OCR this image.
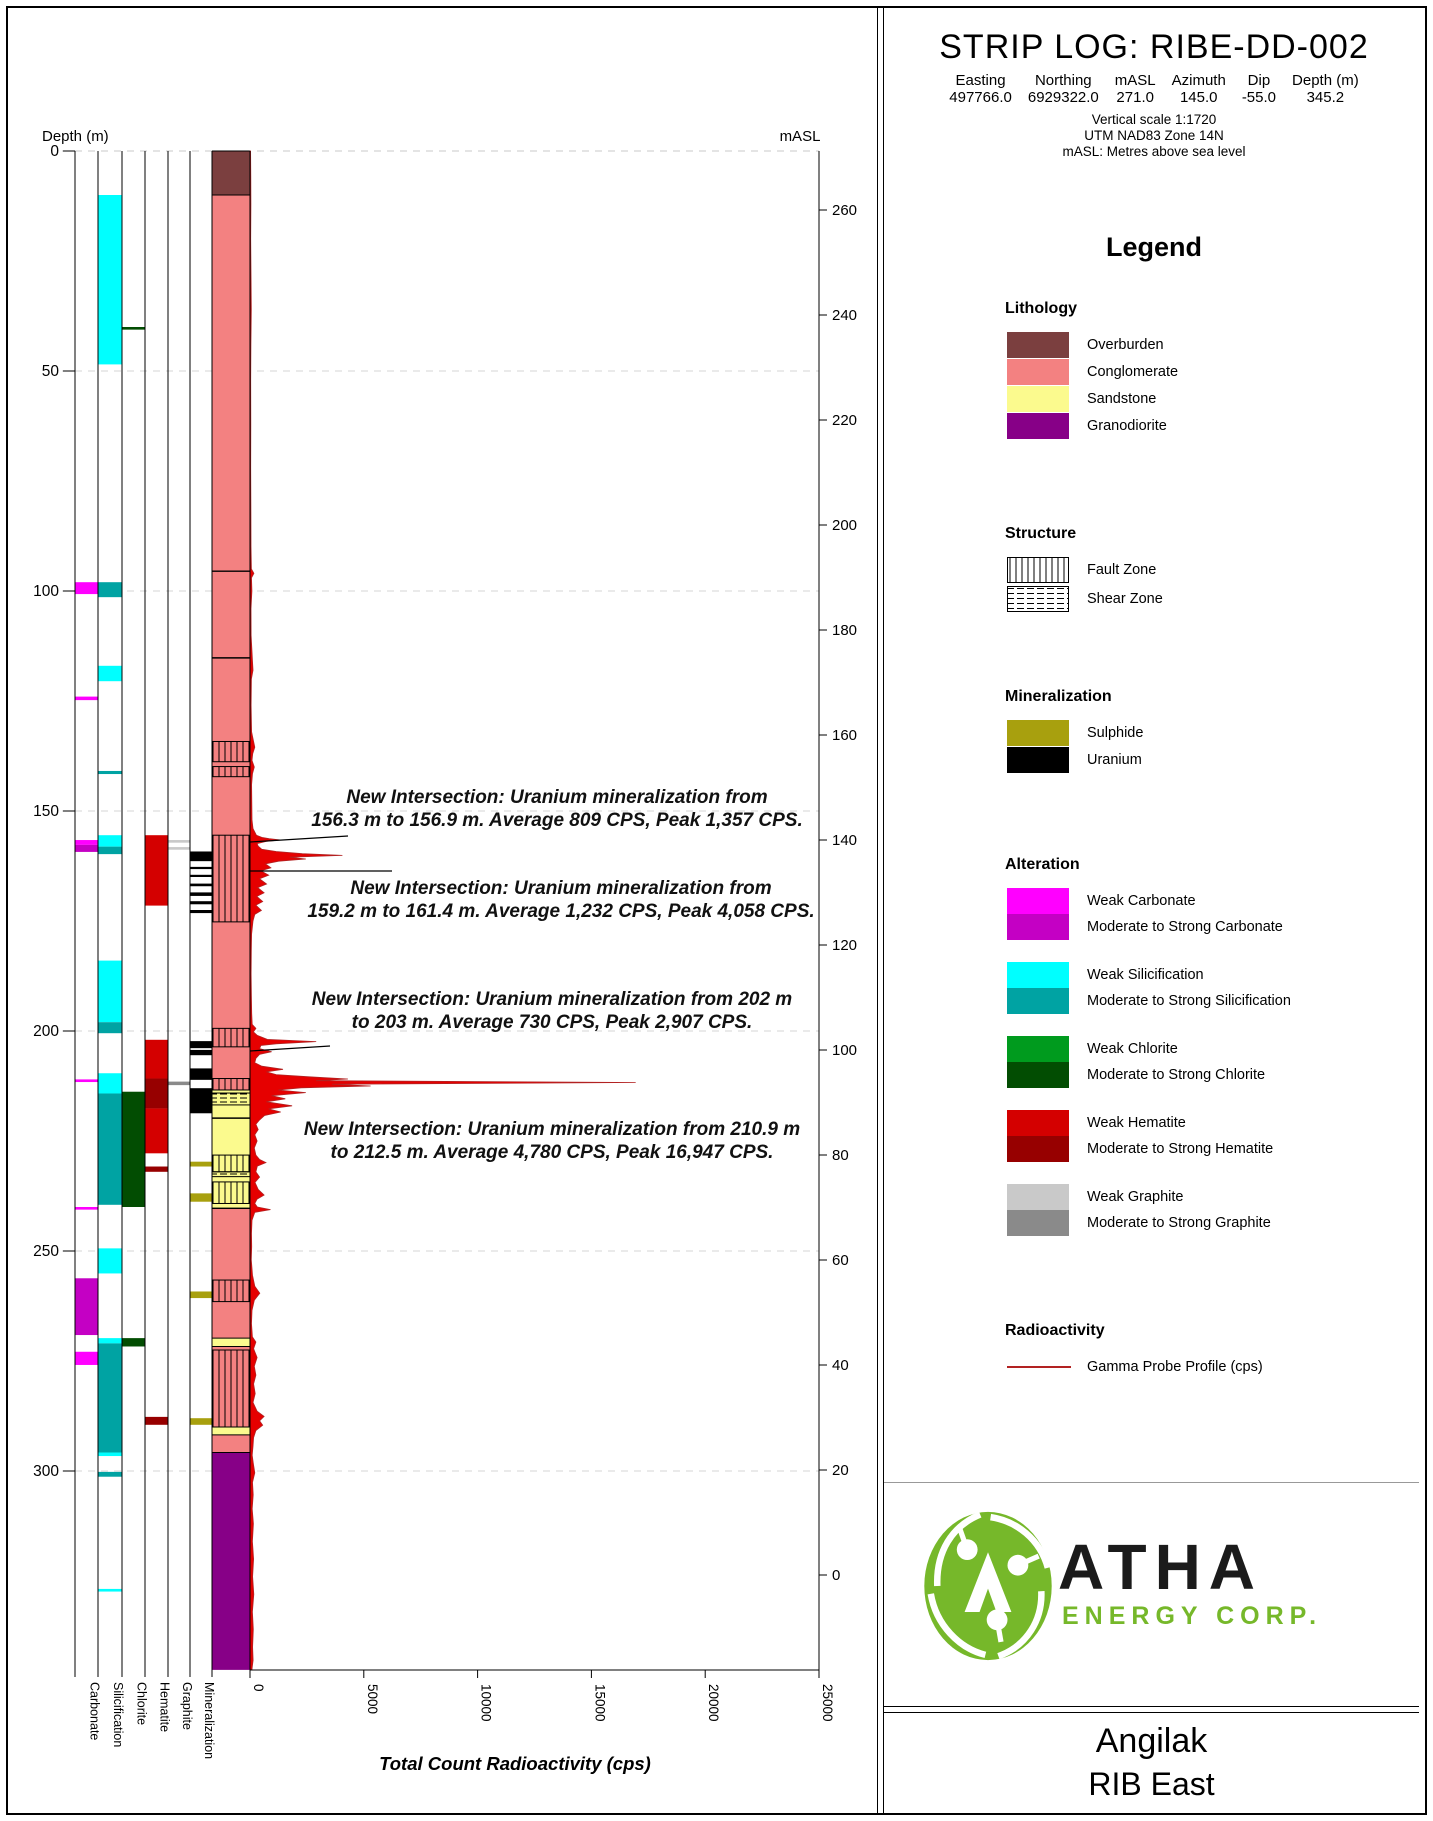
Depth (m)
0
50
100
150
200
250
300
mASL
260
240
220
200
180
160
140
120
100
80
60
40
20
0
0	5000	10000	15000	20000	25000
Total Count Radioactivity (cps)
Carbonate Silicification Chlorite Hematite Graphite Mineralization
New Intersection: Uranium mineralization from
156.3 m to 156.9 m. Average 809 CPS, Peak 1,357 CPS.
New Intersection: Uranium mineralization from
159.2 m to 161.4 m. Average 1,232 CPS, Peak 4,058 CPS.
New Intersection: Uranium mineralization from 202 m
to 203 m. Average 730 CPS, Peak 2,907 CPS.
New Intersection: Uranium mineralization from 210.9 m
to 212.5 m. Average 4,780 CPS, Peak 16,947 CPS.
STRIP LOG: RIBE-DD-002
Easting
497766.0
Northing
6929322.0
mASL
271.0
Azimuth
145.0
Dip
-55.0
Depth (m)
345.2
Vertical scale 1:1720
UTM NAD83 Zone 14N
mASL: Metres above sea level
Legend
Lithology
Overburden
Conglomerate
Sandstone
Granodiorite
Structure
Fault Zone
Shear Zone
Mineralization
Sulphide
Uranium
Alteration
Weak Carbonate
Moderate to Strong Carbonate
Weak Silicification
Moderate to Strong Silicification
Weak Chlorite
Moderate to Strong Chlorite
Weak Hematite
Moderate to Strong Hematite
Weak Graphite
Moderate to Strong Graphite
Radioactivity
Gamma Probe Profile (cps)
ATHA
ENERGY CORP.
Angilak
RIB East
